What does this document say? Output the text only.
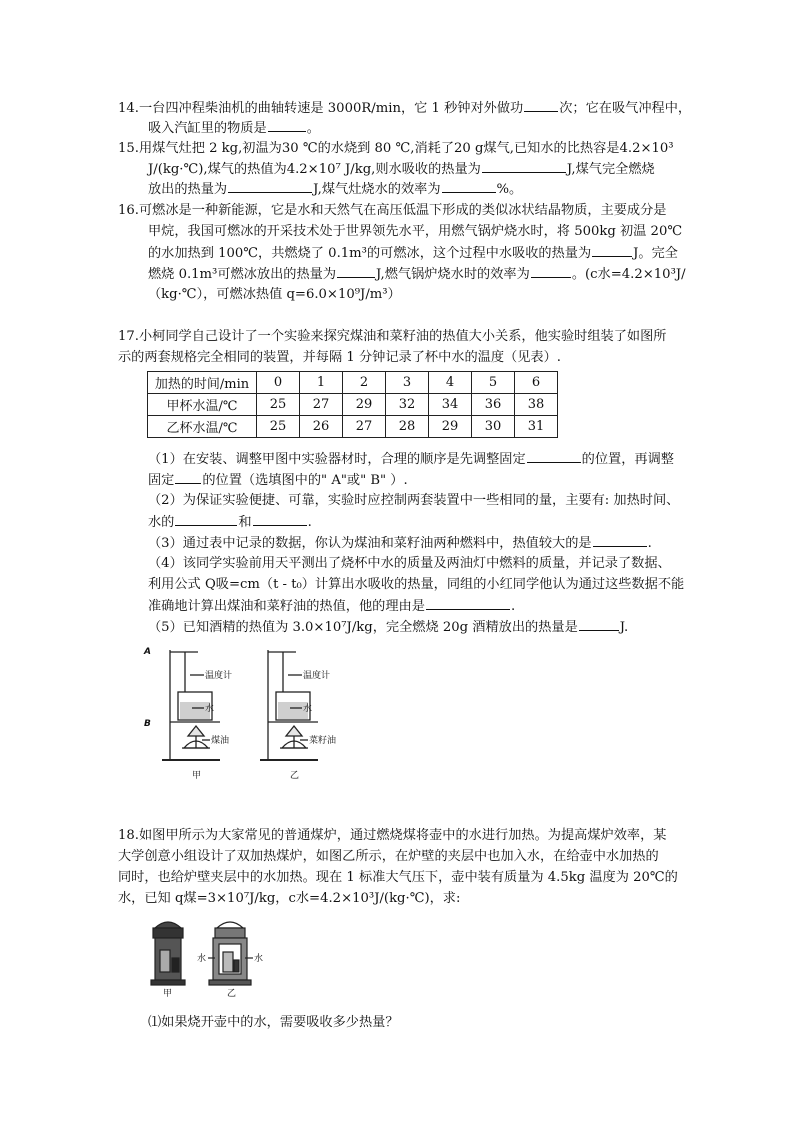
14.一台四冲程柴油机的曲轴转速是 3000R/min，它 1 秒钟对外做功	次；它在吸气冲程中，
吸入汽缸里的物质是	。
15.用煤气灶把 2 kg,初温为30 ℃的水烧到 80 ℃,消耗了20 g煤气,已知水的比热容是4.2×10³
J/(kg·℃),煤气的热值为4.2×10⁷ J/kg,则水吸收的热量为	J,煤气完全燃烧
放出的热量为	J,煤气灶烧水的效率为	%。
16.可燃冰是一种新能源，它是水和天然气在高压低温下形成的类似冰状结晶物质，主要成分是
甲烷，我国可燃冰的开采技术处于世界领先水平，用燃气锅炉烧水时，将 500kg 初温 20℃
的水加热到 100℃，共燃烧了 0.1m³的可燃冰，这个过程中水吸收的热量为	J。完全
燃烧 0.1m³可燃冰放出的热量为	J,燃气锅炉烧水时的效率为	。(c水=4.2×10³J/
（kg·℃），可燃冰热值 q=6.0×10⁹J/m³）
17.小柯同学自己设计了一个实验来探究煤油和菜籽油的热值大小关系，他实验时组装了如图所
示的两套规格完全相同的装置，并每隔 1 分钟记录了杯中水的温度（见表）.
加热的时间/min	0	1	2	3	4	5	6
甲杯水温/℃	25	27	29	32	34	36	38
乙杯水温/℃	25	26	27	28	29	30	31
（1）在安装、调整甲图中实验器材时，合理的顺序是先调整固定	的位置，再调整
固定 的位置（选填图中的" A"或" B" ）.
（2）为保证实验便捷、可靠，实验时应控制两套装置中一些相同的量，主要有: 加热时间、
水的	和	.
（3）通过表中记录的数据，你认为煤油和菜籽油两种燃料中，热值较大的是	.
（4）该同学实验前用天平测出了烧杯中水的质量及两油灯中燃料的质量，并记录了数据、
利用公式 Q吸=cm（t - t₀）计算出水吸收的热量，同组的小红同学他认为通过这些数据不能
准确地计算出煤油和菜籽油的热值，他的理由是	.
（5）已知酒精的热值为 3.0×10⁷J/kg，完全燃烧 20g 酒精放出的热量是	J.
A
B
温度计
水
煤油
甲
温度计
水
菜籽油
乙
18.如图甲所示为大家常见的普通煤炉，通过燃烧煤将壶中的水进行加热。为提高煤炉效率，某
大学创意小组设计了双加热煤炉，如图乙所示，在炉壁的夹层中也加入水，在给壶中水加热的
同时，也给炉壁夹层中的水加热。现在 1 标准大气压下，壶中装有质量为 4.5kg 温度为 20℃的
水，已知 q煤=3×10⁷J/kg，c水=4.2×10³J/(kg·℃)，求:
水	水
甲	乙
⑴如果烧开壶中的水，需要吸收多少热量？
